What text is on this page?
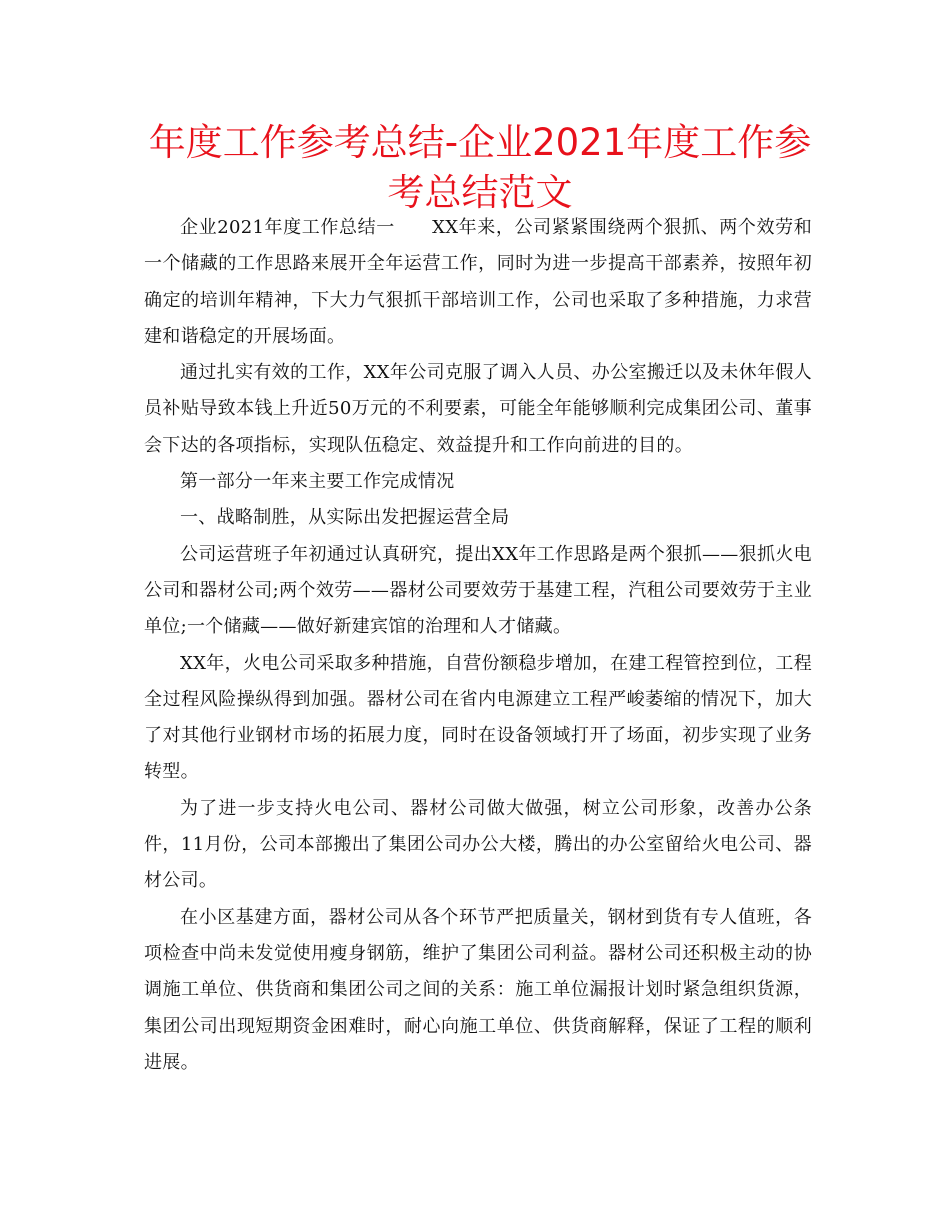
年度工作参考总结-企业2021年度工作参考总结范文

企业2021年度工作总结一　　XX年来，公司紧紧围绕两个狠抓、两个效劳和一个储藏的工作思路来展开全年运营工作，同时为进一步提高干部素养，按照年初确定的培训年精神，下大力气狠抓干部培训工作，公司也采取了多种措施，力求营建和谐稳定的开展场面。

通过扎实有效的工作，XX年公司克服了调入人员、办公室搬迁以及未休年假人员补贴导致本钱上升近50万元的不利要素，可能全年能够顺利完成集团公司、董事会下达的各项指标，实现队伍稳定、效益提升和工作向前进的目的。

第一部分一年来主要工作完成情况

一、战略制胜，从实际出发把握运营全局

公司运营班子年初通过认真研究，提出XX年工作思路是两个狠抓——狠抓火电公司和器材公司;两个效劳——器材公司要效劳于基建工程，汽租公司要效劳于主业单位;一个储藏——做好新建宾馆的治理和人才储藏。

XX年，火电公司采取多种措施，自营份额稳步增加，在建工程管控到位，工程全过程风险操纵得到加强。器材公司在省内电源建立工程严峻萎缩的情况下，加大了对其他行业钢材市场的拓展力度，同时在设备领域打开了场面，初步实现了业务转型。

为了进一步支持火电公司、器材公司做大做强，树立公司形象，改善办公条件，11月份，公司本部搬出了集团公司办公大楼，腾出的办公室留给火电公司、器材公司。

在小区基建方面，器材公司从各个环节严把质量关，钢材到货有专人值班，各项检查中尚未发觉使用瘦身钢筋，维护了集团公司利益。器材公司还积极主动的协调施工单位、供货商和集团公司之间的关系：施工单位漏报计划时紧急组织货源，集团公司出现短期资金困难时，耐心向施工单位、供货商解释，保证了工程的顺利进展。
